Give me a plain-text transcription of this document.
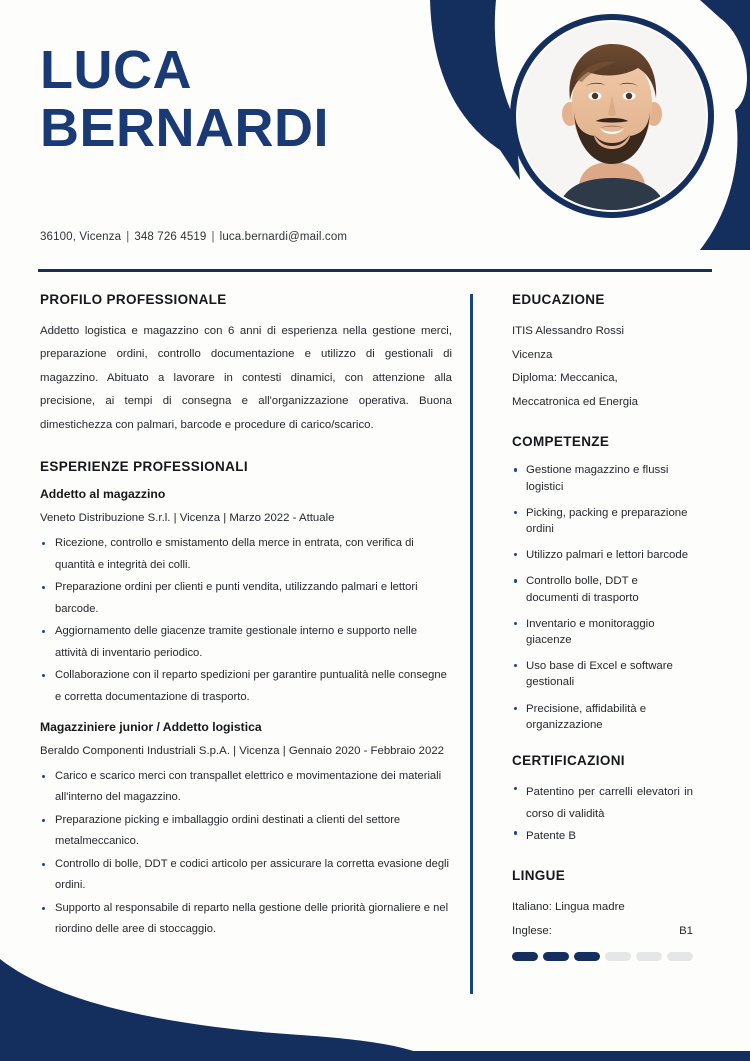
LUCA
BERNARDI
36100, Vicenza | 348 726 4519 | luca.bernardi@mail.com
PROFILO PROFESSIONALE

Addetto logistica e magazzino con 6 anni di esperienza nella gestione merci, preparazione ordini, controllo documentazione e utilizzo di gestionali di magazzino. Abituato a lavorare in contesti dinamici, con attenzione alla precisione, ai tempi di consegna e all'organizzazione operativa. Buona dimestichezza con palmari, barcode e procedure di carico/scarico.

ESPERIENZE PROFESSIONALI
Addetto al magazzino
Veneto Distribuzione S.r.l. | Vicenza | Marzo 2022 - Attuale
Ricezione, controllo e smistamento della merce in entrata, con verifica di quantità e integrità dei colli.
Preparazione ordini per clienti e punti vendita, utilizzando palmari e lettori barcode.
Aggiornamento delle giacenze tramite gestionale interno e supporto nelle attività di inventario periodico.
Collaborazione con il reparto spedizioni per garantire puntualità nelle consegne e corretta documentazione di trasporto.
Magazziniere junior / Addetto logistica
Beraldo Componenti Industriali S.p.A. | Vicenza | Gennaio 2020 - Febbraio 2022
Carico e scarico merci con transpallet elettrico e movimentazione dei materiali all'interno del magazzino.
Preparazione picking e imballaggio ordini destinati a clienti del settore metalmeccanico.
Controllo di bolle, DDT e codici articolo per assicurare la corretta evasione degli ordini.
Supporto al responsabile di reparto nella gestione delle priorità giornaliere e nel riordino delle aree di stoccaggio.
EDUCAZIONE
ITIS Alessandro Rossi
Vicenza
Diploma: Meccanica,
Meccatronica ed Energia
COMPETENZE
Gestione magazzino e flussi logistici
Picking, packing e preparazione ordini
Utilizzo palmari e lettori barcode
Controllo bolle, DDT e documenti di trasporto
Inventario e monitoraggio giacenze
Uso base di Excel e software gestionali
Precisione, affidabilità e organizzazione
CERTIFICAZIONI
Patentino per carrelli elevatori in corso di validità
Patente B
LINGUE
Italiano: Lingua madre
Inglese:	B1
